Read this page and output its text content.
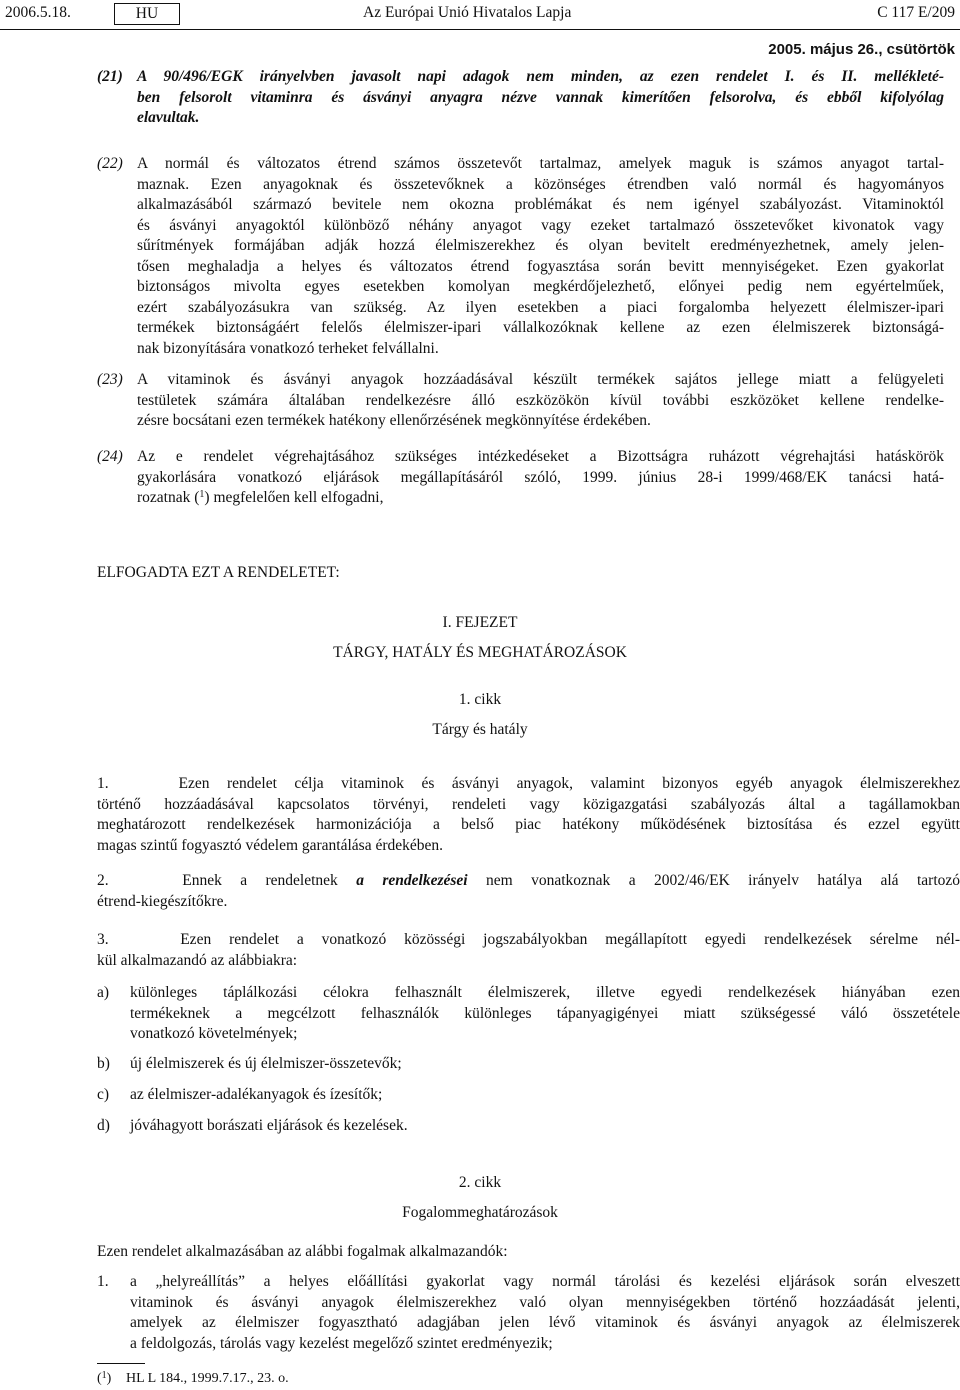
2006.5.18.	HU	Az Európai Unió Hivatalos Lapja	C 117 E/209
2005. május 26., csütörtök
(21) A 90/496/EGK irányelvben javasolt napi adagok nem minden, az ezen rendelet I. és II. mellékleté-
ben felsorolt vitaminra és ásványi anyagra nézve vannak kimerítően felsorolva, és ebből kifolyólag
elavultak.
(22) A normál és változatos étrend számos összetevőt tartalmaz, amelyek maguk is számos anyagot tartal-
maznak. Ezen anyagoknak és összetevőknek a közönséges étrendben való normál és hagyományos
alkalmazásából származó bevitele nem okozna problémákat és nem igényel szabályozást. Vitaminoktól
és ásványi anyagoktól különböző néhány anyagot vagy ezeket tartalmazó összetevőket kivonatok vagy
sűrítmények formájában adják hozzá élelmiszerekhez és olyan bevitelt eredményezhetnek, amely jelen-
tősen meghaladja a helyes és változatos étrend fogyasztása során bevitt mennyiségeket. Ezen gyakorlat
biztonságos mivolta egyes esetekben komolyan megkérdőjelezhető, előnyei pedig nem egyértelműek,
ezért szabályozásukra van szükség. Az ilyen esetekben a piaci forgalomba helyezett élelmiszer-ipari
termékek biztonságáért felelős élelmiszer-ipari vállalkozóknak kellene az ezen élelmiszerek biztonságá-
nak bizonyítására vonatkozó terheket felvállalni.
(23) A vitaminok és ásványi anyagok hozzáadásával készült termékek sajátos jellege miatt a felügyeleti
testületek számára általában rendelkezésre álló eszközökön kívül további eszközöket kellene rendelke-
zésre bocsátani ezen termékek hatékony ellenőrzésének megkönnyítése érdekében.
(24) Az e rendelet végrehajtásához szükséges intézkedéseket a Bizottságra ruházott végrehajtási hatáskörök
gyakorlására vonatkozó eljárások megállapításáról szóló, 1999. június 28-i 1999/468/EK tanácsi hatá-
rozatnak ($^1$) megfelelően kell elfogadni,
ELFOGADTA EZT A RENDELETET:
I. FEJEZET
TÁRGY, HATÁLY ÉS MEGHATÁROZÁSOK
1. cikk
Tárgy és hatály
1.	Ezen rendelet célja vitaminok és ásványi anyagok, valamint bizonyos egyéb anyagok élelmiszerekhez
történő hozzáadásával kapcsolatos törvényi, rendeleti vagy közigazgatási szabályozás által a tagállamokban
meghatározott rendelkezések harmonizációja a belső piac hatékony működésének biztosítása és ezzel együtt
magas szintű fogyasztó védelem garantálása érdekében.
2.	Ennek a rendeletnek a rendelkezései nem vonatkoznak a 2002/46/EK irányelv hatálya alá tartozó
étrend-kiegészítőkre.
3.	Ezen rendelet a vonatkozó közösségi jogszabályokban megállapított egyedi rendelkezések sérelme nél-
kül alkalmazandó az alábbiakra:
a) különleges táplálkozási célokra felhasznált élelmiszerek, illetve egyedi rendelkezések hiányában ezen
termékeknek a megcélzott felhasználók különleges tápanyagigényei miatt szükségessé váló összetétele
vonatkozó követelmények;
b) új élelmiszerek és új élelmiszer-összetevők;
c) az élelmiszer-adalékanyagok és ízesítők;
d) jóváhagyott borászati eljárások és kezelések.
2. cikk
Fogalommeghatározások
Ezen rendelet alkalmazásában az alábbi fogalmak alkalmazandók:
1. a „helyreállítás” a helyes előállítási gyakorlat vagy normál tárolási és kezelési eljárások során elveszett
vitaminok és ásványi anyagok élelmiszerekhez való olyan mennyiségekben történő hozzáadását jelenti,
amelyek az élelmiszer fogyasztható adagjában jelen lévő vitaminok és ásványi anyagok az élelmiszerek
a feldolgozás, tárolás vagy kezelést megelőző szintet eredményezik;
($^1$) HL L 184., 1999.7.17., 23. o.
